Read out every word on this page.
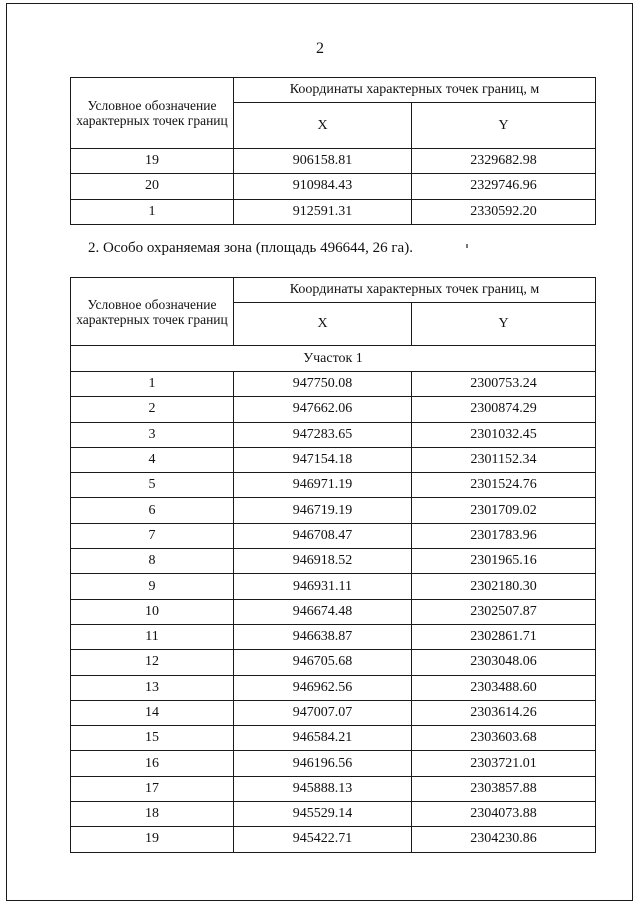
2
Условное обозначение характерных точек границ	Координаты характерных точек границ, м	
	X	Y
19	906158.81	2329682.98
20	910984.43	2329746.96
1	912591.31	2330592.20
2. Особо охраняемая зона (площадь 496644, 26 га).
Условное обозначение характерных точек границ	Координаты характерных точек границ, м	
	X	Y
Участок 1		
1	947750.08	2300753.24
2	947662.06	2300874.29
3	947283.65	2301032.45
4	947154.18	2301152.34
5	946971.19	2301524.76
6	946719.19	2301709.02
7	946708.47	2301783.96
8	946918.52	2301965.16
9	946931.11	2302180.30
10	946674.48	2302507.87
11	946638.87	2302861.71
12	946705.68	2303048.06
13	946962.56	2303488.60
14	947007.07	2303614.26
15	946584.21	2303603.68
16	946196.56	2303721.01
17	945888.13	2303857.88
18	945529.14	2304073.88
19	945422.71	2304230.86
